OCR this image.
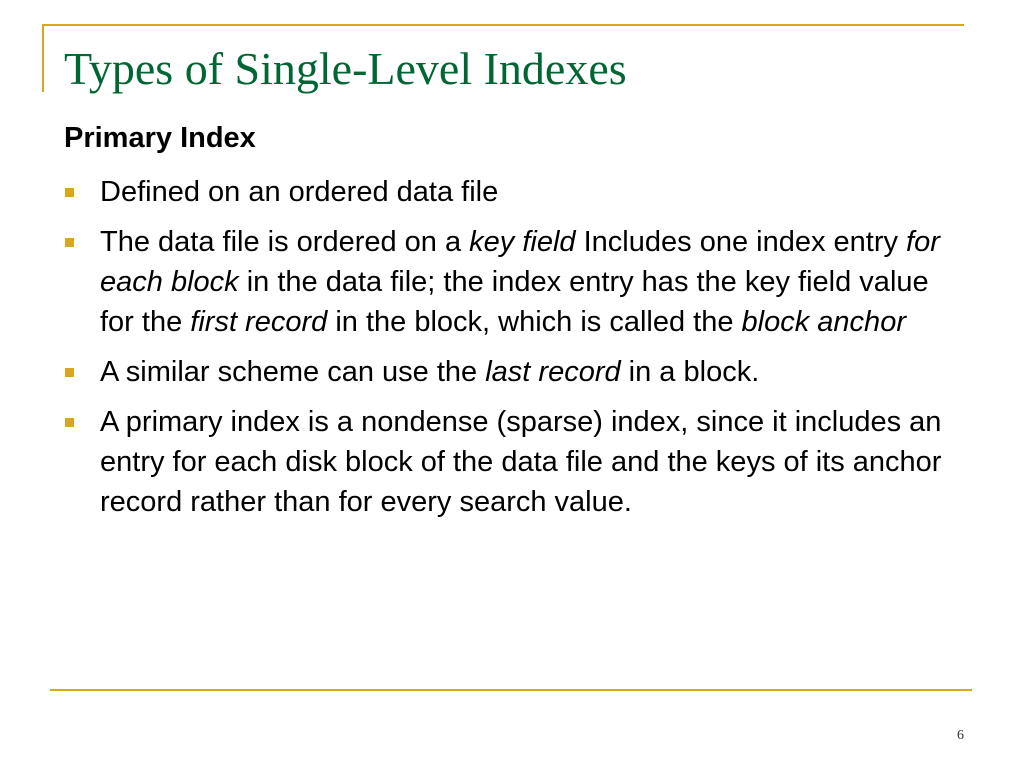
Types of Single-Level Indexes
Primary Index
Defined on an ordered data file
The data file is ordered on a key field Includes one index entry for each block in the data file; the index entry has the key field value for the first record in the block, which is called the block anchor
A similar scheme can use the last record in a block.
A primary index is a nondense (sparse) index, since it includes an entry for each disk block of the data file and the keys of its anchor record rather than for every search value.
6
